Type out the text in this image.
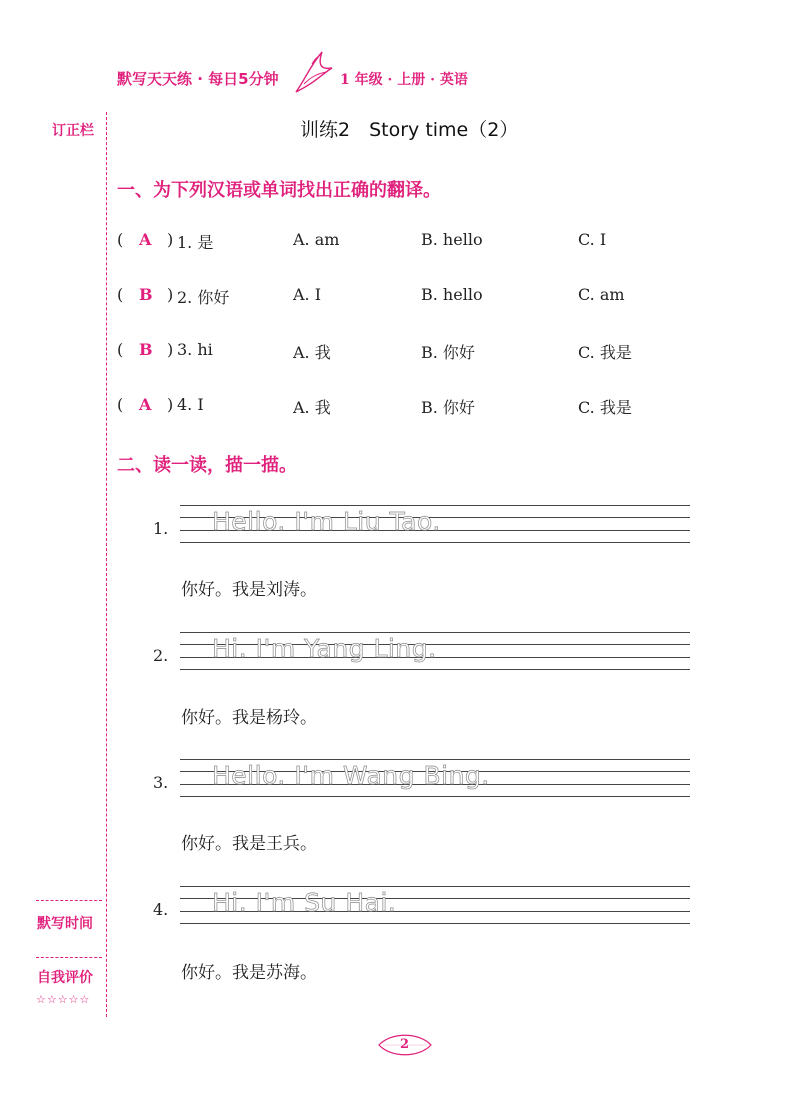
默写天天练 · 每日5分钟	1 年级 · 上册 · 英语
订正栏
默写时间
自我评价
☆☆☆☆☆
训练2　Story time（2）
一、为下列汉语或单词找出正确的翻译。
( A ) 1. 是	A. am	B. hello	C. I
( B ) 2. 你好	A. I	B. hello	C. am
( B ) 3. hi	A. 我	B. 你好	C. 我是
( A ) 4. I	A. 我	B. 你好	C. 我是
二、读一读，描一描。
1. Hello. I'm Liu Tao.
你好。我是刘涛。
2. Hi. I'm Yang Ling.
你好。我是杨玲。
3. Hello. I'm Wang Bing.
你好。我是王兵。
4. Hi. I'm Su Hai.
你好。我是苏海。
2
